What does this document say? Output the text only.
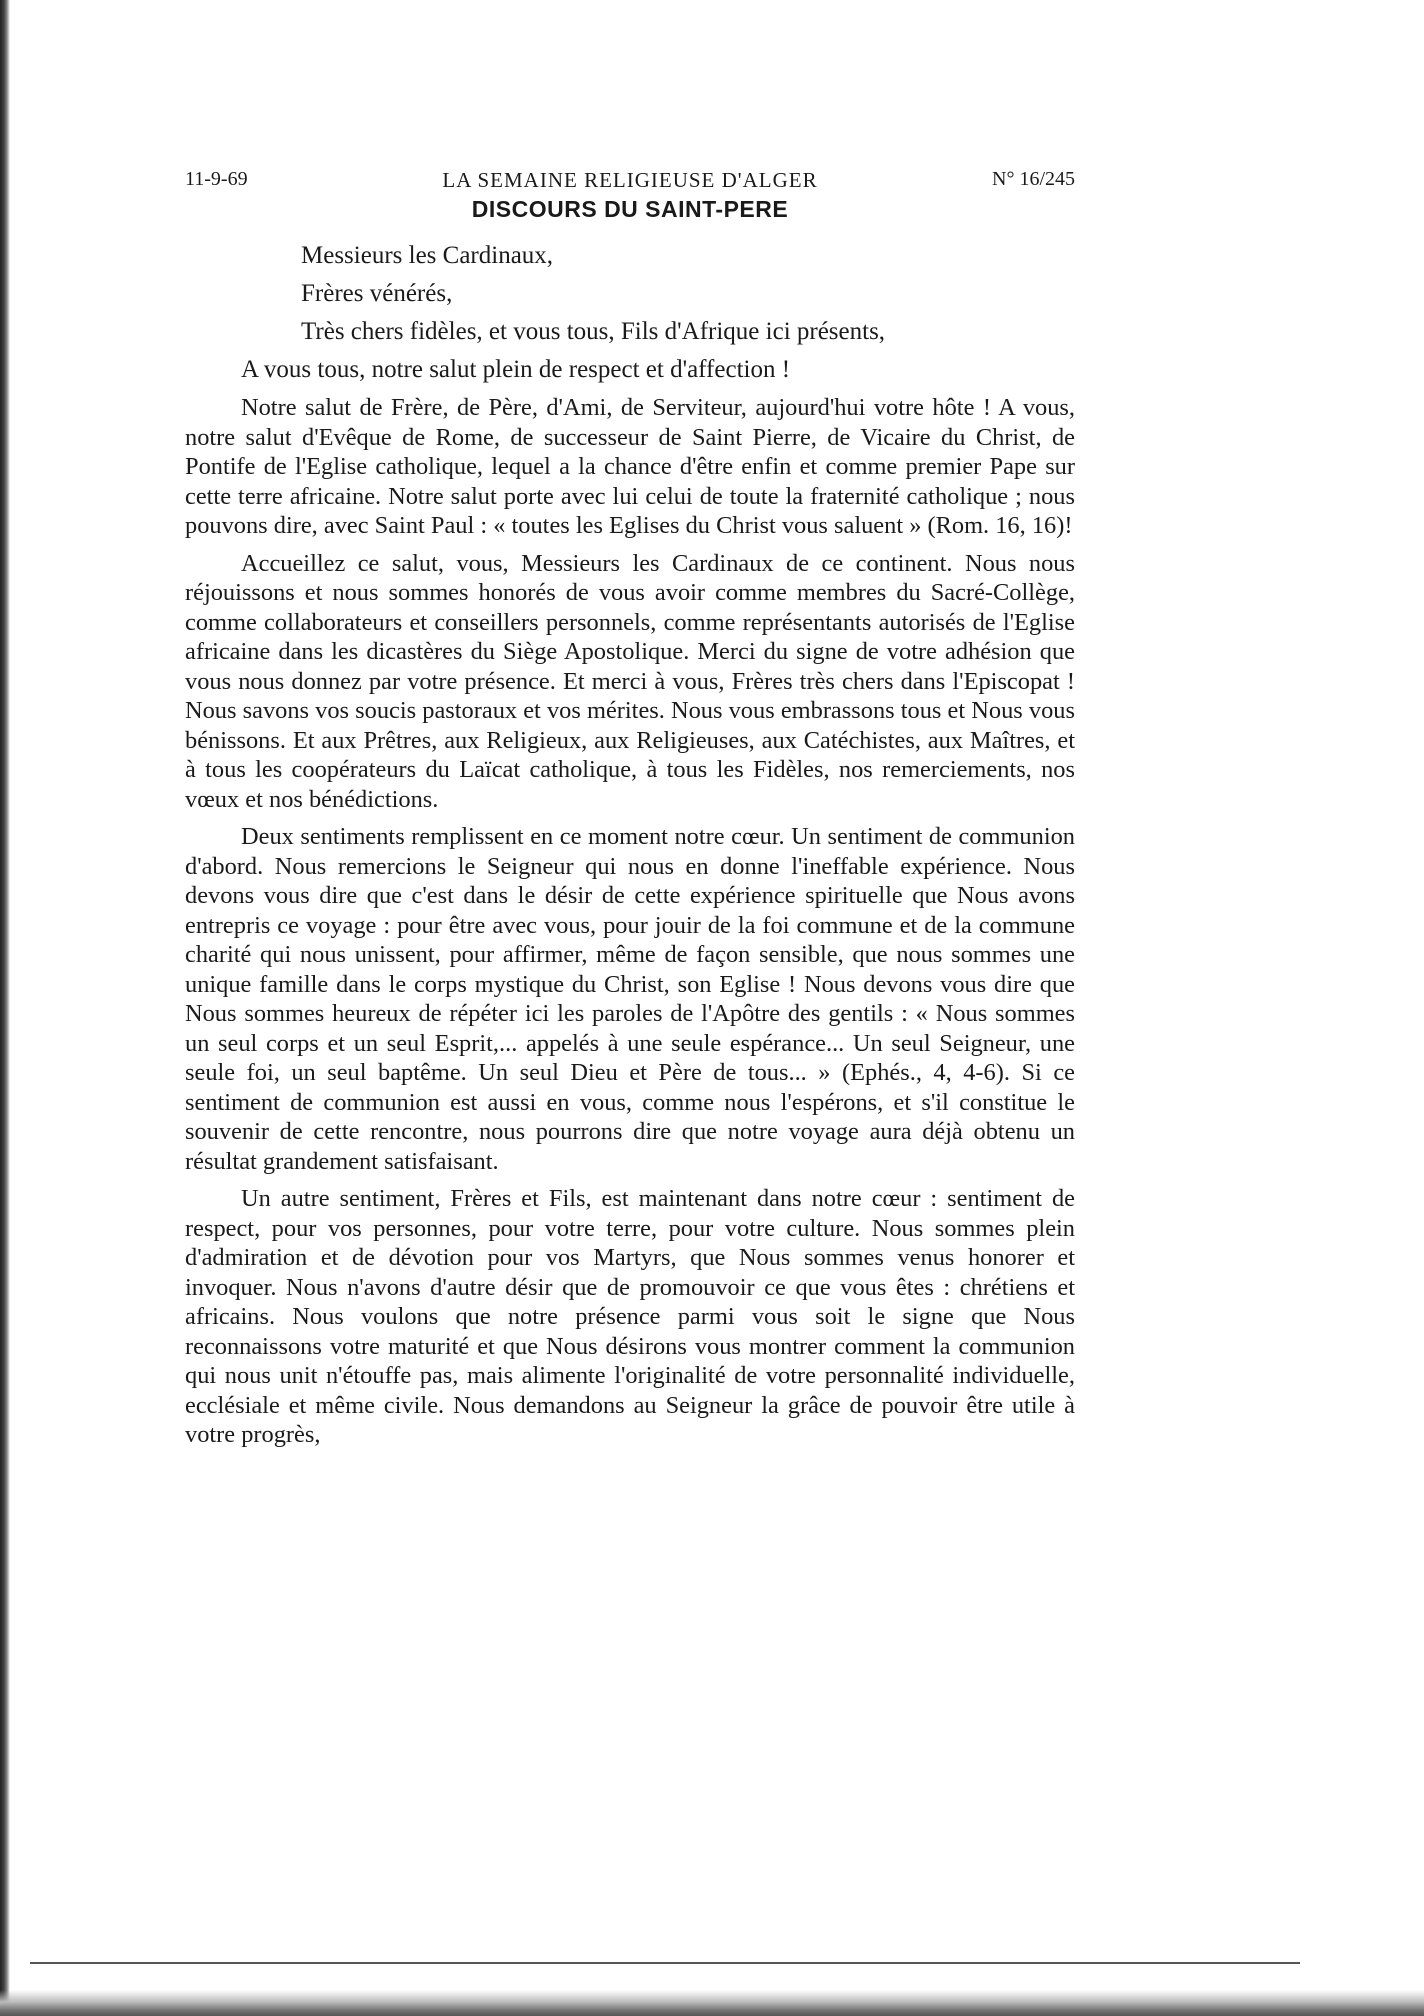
11-9-69	LA SEMAINE RELIGIEUSE D'ALGER	N° 16/245
DISCOURS DU SAINT-PERE

Messieurs les Cardinaux,

Frères vénérés,

Très chers fidèles, et vous tous, Fils d'Afrique ici présents,

A vous tous, notre salut plein de respect et d'affection !

Notre salut de Frère, de Père, d'Ami, de Serviteur, aujourd'hui votre hôte ! A vous, notre salut d'Evêque de Rome, de successeur de Saint Pierre, de Vicaire du Christ, de Pontife de l'Eglise catholique, lequel a la chance d'être enfin et comme premier Pape sur cette terre africaine. Notre salut porte avec lui celui de toute la fraternité catholique ; nous pouvons dire, avec Saint Paul : « toutes les Eglises du Christ vous saluent » (Rom. 16, 16)!

Accueillez ce salut, vous, Messieurs les Cardinaux de ce continent. Nous nous réjouissons et nous sommes honorés de vous avoir comme membres du Sacré-Collège, comme collaborateurs et conseillers personnels, comme représentants autorisés de l'Eglise africaine dans les dicastères du Siège Apostolique. Merci du signe de votre adhésion que vous nous donnez par votre présence. Et merci à vous, Frères très chers dans l'Episcopat ! Nous savons vos soucis pastoraux et vos mérites. Nous vous embrassons tous et Nous vous bénissons. Et aux Prêtres, aux Religieux, aux Religieuses, aux Catéchistes, aux Maîtres, et à tous les coopérateurs du Laïcat catholique, à tous les Fidèles, nos remerciements, nos vœux et nos bénédictions.

Deux sentiments remplissent en ce moment notre cœur. Un sentiment de communion d'abord. Nous remercions le Seigneur qui nous en donne l'ineffable expérience. Nous devons vous dire que c'est dans le désir de cette expérience spirituelle que Nous avons entrepris ce voyage : pour être avec vous, pour jouir de la foi commune et de la commune charité qui nous unissent, pour affirmer, même de façon sensible, que nous sommes une unique famille dans le corps mystique du Christ, son Eglise ! Nous devons vous dire que Nous sommes heureux de répéter ici les paroles de l'Apôtre des gentils : « Nous sommes un seul corps et un seul Esprit,... appelés à une seule espérance... Un seul Seigneur, une seule foi, un seul baptême. Un seul Dieu et Père de tous... » (Ephés., 4, 4-6). Si ce sentiment de communion est aussi en vous, comme nous l'espérons, et s'il constitue le souvenir de cette rencontre, nous pourrons dire que notre voyage aura déjà obtenu un résultat grandement satisfaisant.

Un autre sentiment, Frères et Fils, est maintenant dans notre cœur : sentiment de respect, pour vos personnes, pour votre terre, pour votre culture. Nous sommes plein d'admiration et de dévotion pour vos Martyrs, que Nous sommes venus honorer et invoquer. Nous n'avons d'autre désir que de promouvoir ce que vous êtes : chrétiens et africains. Nous voulons que notre présence parmi vous soit le signe que Nous reconnaissons votre maturité et que Nous désirons vous montrer comment la communion qui nous unit n'étouffe pas, mais alimente l'originalité de votre personnalité individuelle, ecclésiale et même civile. Nous demandons au Seigneur la grâce de pouvoir être utile à votre progrès,
